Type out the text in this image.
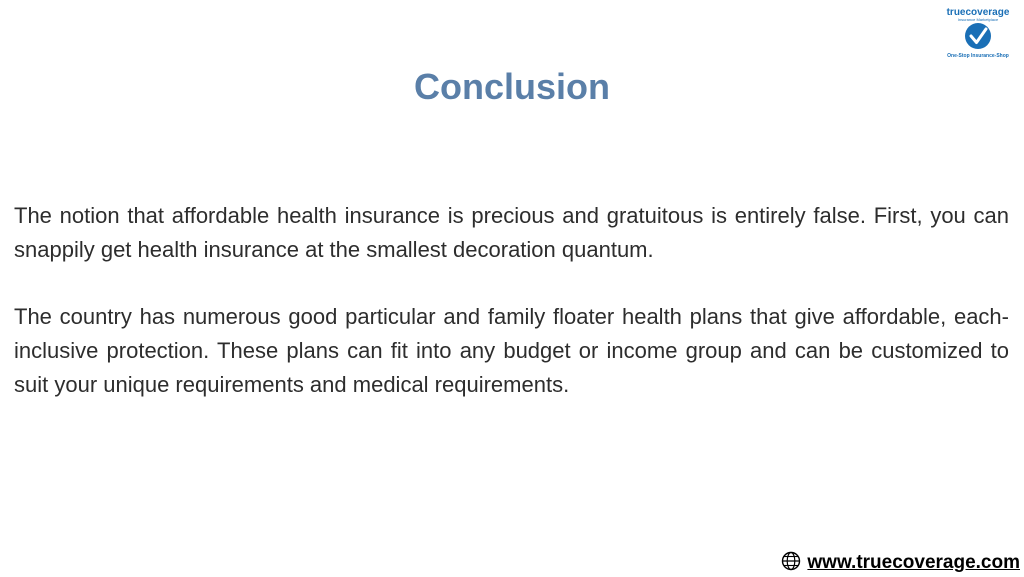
truecoverage
Insurance Marketplace
One-Stop Insurance-Shop
Conclusion

The notion that affordable health insurance is precious and gratuitous is entirely false. First, you can snappily get health insurance at the smallest decoration quantum.

The country has numerous good particular and family floater health plans that give affordable, each-inclusive protection. These plans can fit into any budget or income group and can be customized to suit your unique requirements and medical requirements.

www.truecoverage.com
